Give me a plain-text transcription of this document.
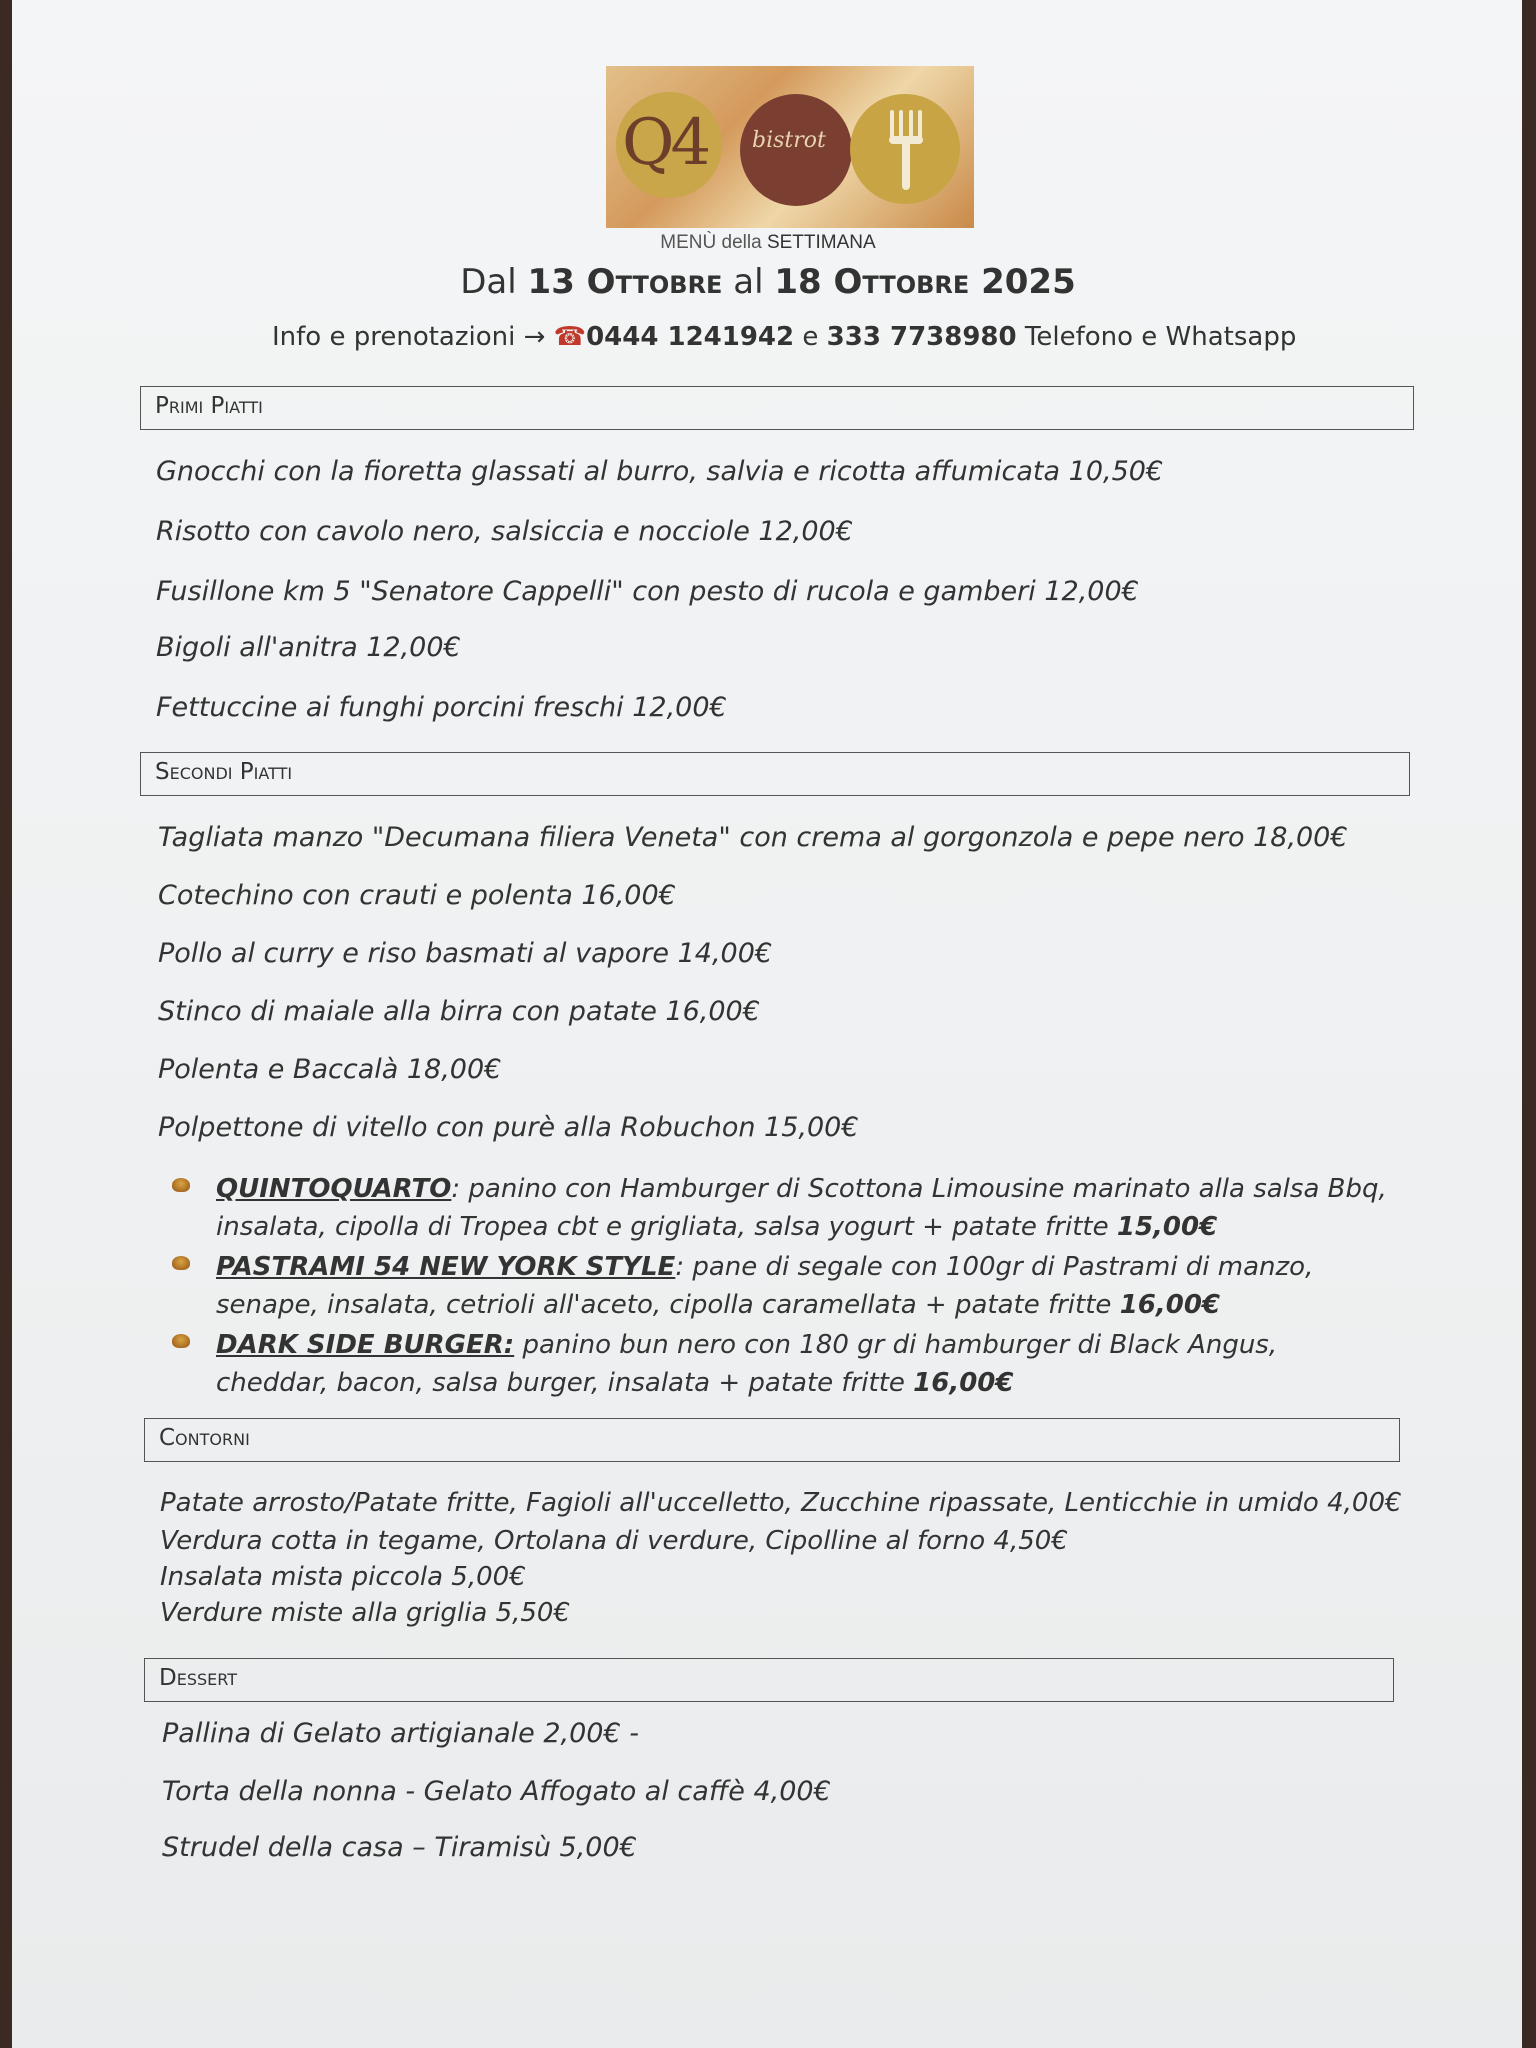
Q4 bistrot
MENÙ della SETTIMANA
Dal 13 Ottobre al 18 Ottobre 2025
Info e prenotazioni → ☎0444 1241942 e 333 7738980 Telefono e Whatsapp
Primi Piatti
Gnocchi con la fioretta glassati al burro, salvia e ricotta affumicata 10,50€
Risotto con cavolo nero, salsiccia e nocciole 12,00€
Fusillone km 5 "Senatore Cappelli" con pesto di rucola e gamberi 12,00€
Bigoli all'anitra 12,00€
Fettuccine ai funghi porcini freschi 12,00€
Secondi Piatti
Tagliata manzo "Decumana filiera Veneta" con crema al gorgonzola e pepe nero 18,00€
Cotechino con crauti e polenta 16,00€
Pollo al curry e riso basmati al vapore 14,00€
Stinco di maiale alla birra con patate 16,00€
Polenta e Baccalà 18,00€
Polpettone di vitello con purè alla Robuchon 15,00€
QUINTOQUARTO: panino con Hamburger di Scottona Limousine marinato alla salsa Bbq,
insalata, cipolla di Tropea cbt e grigliata, salsa yogurt + patate fritte 15,00€
PASTRAMI 54 NEW YORK STYLE: pane di segale con 100gr di Pastrami di manzo,
senape, insalata, cetrioli all'aceto, cipolla caramellata + patate fritte 16,00€
DARK SIDE BURGER: panino bun nero con 180 gr di hamburger di Black Angus,
cheddar, bacon, salsa burger, insalata + patate fritte 16,00€
Contorni
Patate arrosto/Patate fritte, Fagioli all'uccelletto, Zucchine ripassate, Lenticchie in umido 4,00€
Verdura cotta in tegame, Ortolana di verdure, Cipolline al forno 4,50€
Insalata mista piccola 5,00€
Verdure miste alla griglia 5,50€
Dessert
Pallina di Gelato artigianale 2,00€ -
Torta della nonna - Gelato Affogato al caffè 4,00€
Strudel della casa – Tiramisù 5,00€
